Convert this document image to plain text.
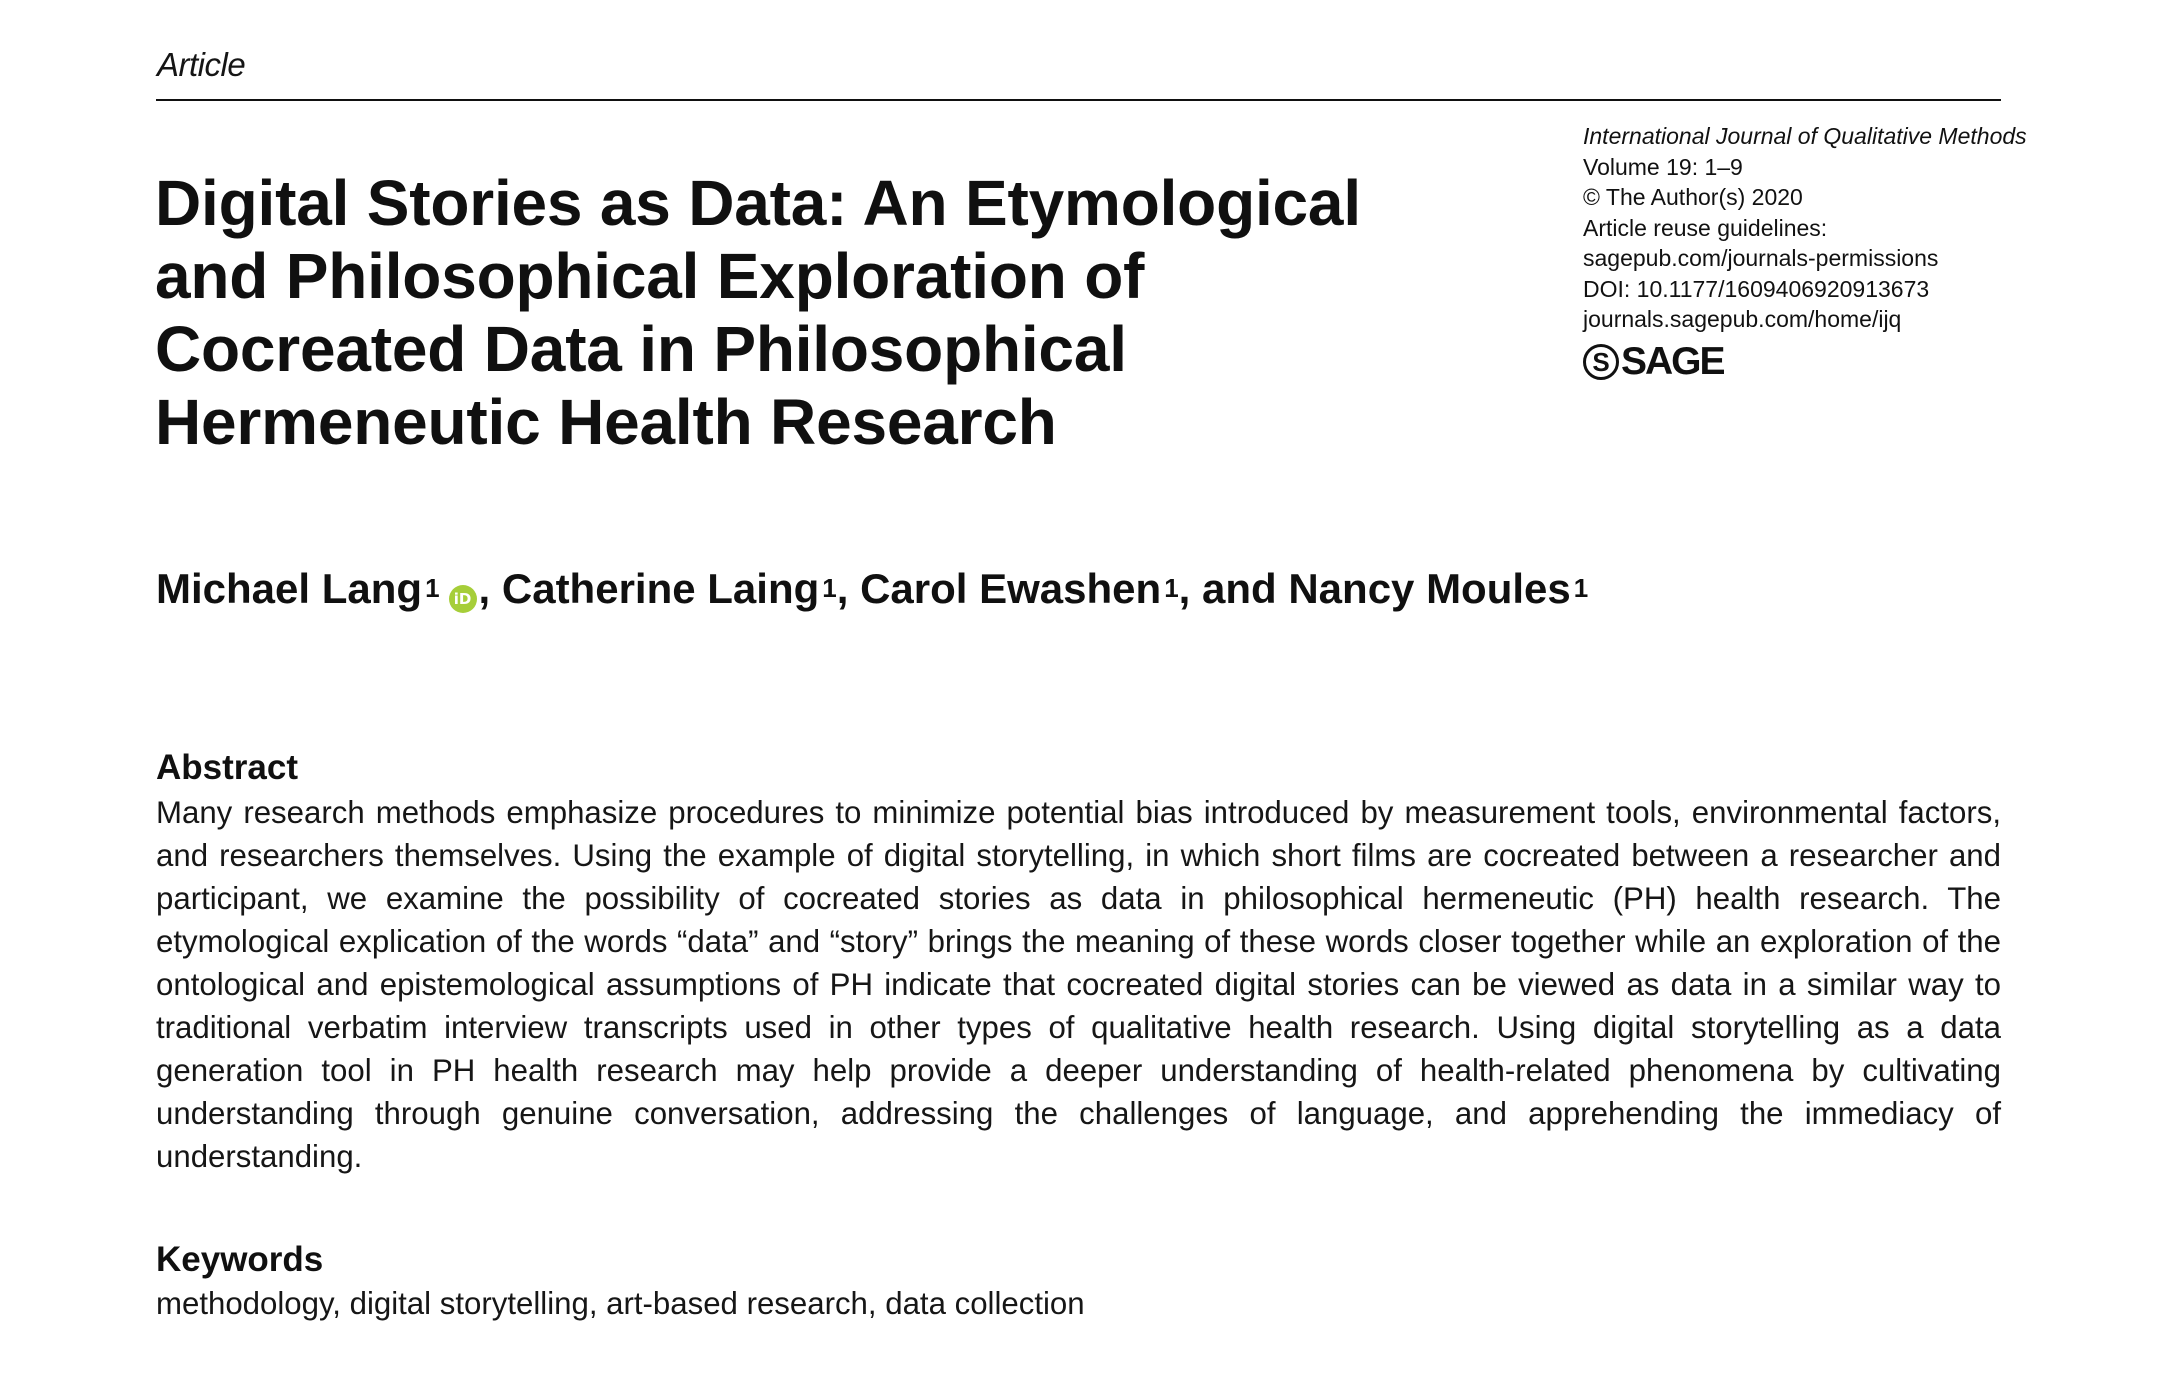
Article
Digital Stories as Data: An Etymological and Philosophical Exploration of Cocreated Data in Philosophical Hermeneutic Health Research
International Journal of Qualitative Methods
Volume 19: 1–9
© The Author(s) 2020
Article reuse guidelines:
sagepub.com/journals-permissions
DOI: 10.1177/1609406920913673
journals.sagepub.com/home/ijq
S SAGE
Michael Lang$^1$ iD , Catherine Laing$^1$ , Carol Ewashen$^1$ , and Nancy Moules$^1$
Abstract

Many research methods emphasize procedures to minimize potential bias introduced by measurement tools, environmental factors, and researchers themselves. Using the example of digital storytelling, in which short films are cocreated between a researcher and participant, we examine the possibility of cocreated stories as data in philosophical hermeneutic (PH) health research. The etymological explication of the words “data” and “story” brings the meaning of these words closer together while an exploration of the ontological and epistemological assumptions of PH indicate that cocreated digital stories can be viewed as data in a similar way to traditional verbatim interview transcripts used in other types of qualitative health research. Using digital storytelling as a data generation tool in PH health research may help provide a deeper understanding of health-related phenomena by cultivating understanding through genuine conversation, addressing the challenges of language, and apprehending the immediacy of understanding.

Keywords
methodology, digital storytelling, art-based research, data collection
